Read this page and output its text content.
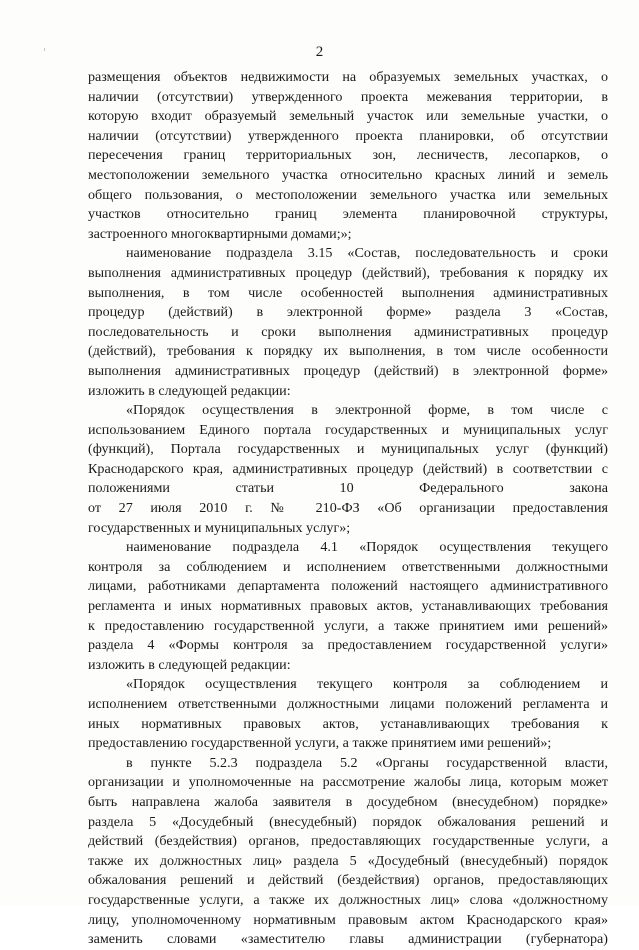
2
размещения объектов недвижимости на образуемых земельных участках, о
наличии (отсутствии) утвержденного проекта межевания территории, в
которую входит образуемый земельный участок или земельные участки, о
наличии (отсутствии) утвержденного проекта планировки, об отсутствии
пересечения границ территориальных зон, лесничеств, лесопарков, о
местоположении земельного участка относительно красных линий и земель
общего пользования, о местоположении земельного участка или земельных
участков относительно границ элемента планировочной структуры,
застроенного многоквартирными домами;»;
наименование подраздела 3.15 «Состав, последовательность и сроки
выполнения административных процедур (действий), требования к порядку их
выполнения, в том числе особенностей выполнения административных
процедур (действий) в электронной форме» раздела 3 «Состав,
последовательность и сроки выполнения административных процедур
(действий), требования к порядку их выполнения, в том числе особенности
выполнения административных процедур (действий) в электронной форме»
изложить в следующей редакции:
«Порядок осуществления в электронной форме, в том числе с
использованием Единого портала государственных и муниципальных услуг
(функций), Портала государственных и муниципальных услуг (функций)
Краснодарского края, административных процедур (действий) в соответствии с
положениями статьи 10 Федерального закона
от 27 июля 2010 г. № 210-ФЗ «Об организации предоставления
государственных и муниципальных услуг»;
наименование подраздела 4.1 «Порядок осуществления текущего
контроля за соблюдением и исполнением ответственными должностными
лицами, работниками департамента положений настоящего административного
регламента и иных нормативных правовых актов, устанавливающих требования
к предоставлению государственной услуги, а также принятием ими решений»
раздела 4 «Формы контроля за предоставлением государственной услуги»
изложить в следующей редакции:
«Порядок осуществления текущего контроля за соблюдением и
исполнением ответственными должностными лицами положений регламента и
иных нормативных правовых актов, устанавливающих требования к
предоставлению государственной услуги, а также принятием ими решений»;
в пункте 5.2.3 подраздела 5.2 «Органы государственной власти,
организации и уполномоченные на рассмотрение жалобы лица, которым может
быть направлена жалоба заявителя в досудебном (внесудебном) порядке»
раздела 5 «Досудебный (внесудебный) порядок обжалования решений и
действий (бездействия) органов, предоставляющих государственные услуги, а
также их должностных лиц» раздела 5 «Досудебный (внесудебный) порядок
обжалования решений и действий (бездействия) органов, предоставляющих
государственные услуги, а также их должностных лиц» слова «должностному
лицу, уполномоченному нормативным правовым актом Краснодарского края»
заменить словами «заместителю главы администрации (губернатора)
